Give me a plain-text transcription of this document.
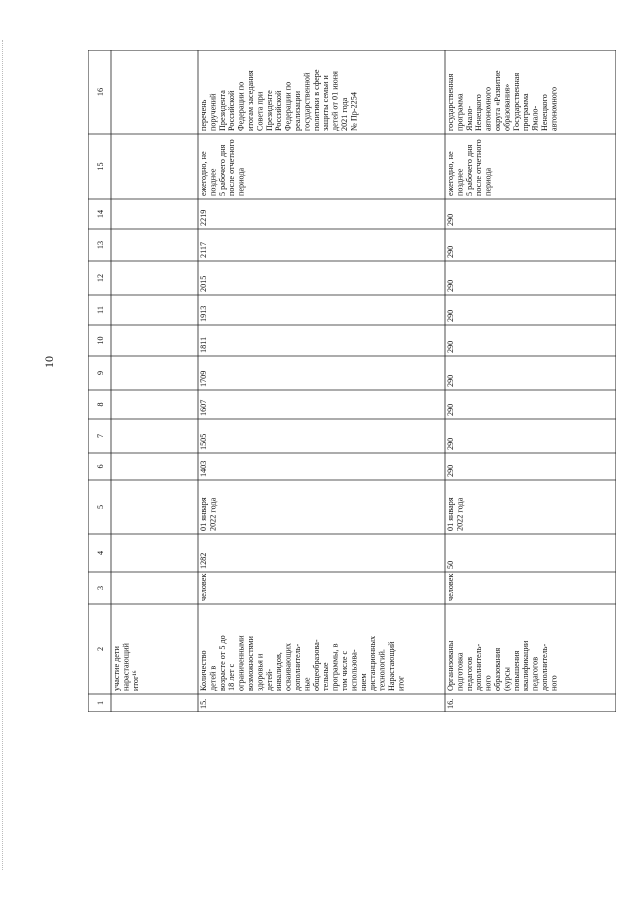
10
1
2
3
4
5
6
7
8
9
10
11
12
13
14
15
16
участие дети нарастающий итог¹⁶
15.
Количество детей в возрасте от 5 до 18 лет с ограниченными возможностями здоровья и детей- инвалидов, осваивающих дополнитель- ные общеобразова- тельные программы, в том числе с использова- нием дистанционных технологий. Нарастающий итог
человек
1282
01 января 2022 года
1403
1505
1607
1709
1811
1913
2015
2117
2219
ежегодно, не позднее 5 рабочего дня после отчетного периода
перечень поручений Президента Российской Федерации по итогам заседания Совета при Президенте Российской Федерации по реализации государственной политики в сфере защиты семьи и детей от 01 июня 2021 года № Пр-2254
16.
Организованы подготовка педагогов дополнитель- ного образования (курсы повышения квалификации педагогов дополнитель- ного
человек
50
01 января 2022 года
290
290
290
290
290
290
290
290
290
ежегодно, не позднее 5 рабочего дня после отчетного периода
государственная программа Ямало- Ненецкого автономного округа «Развитие образования» Государственная программа Ямало- Ненецкого автономного
